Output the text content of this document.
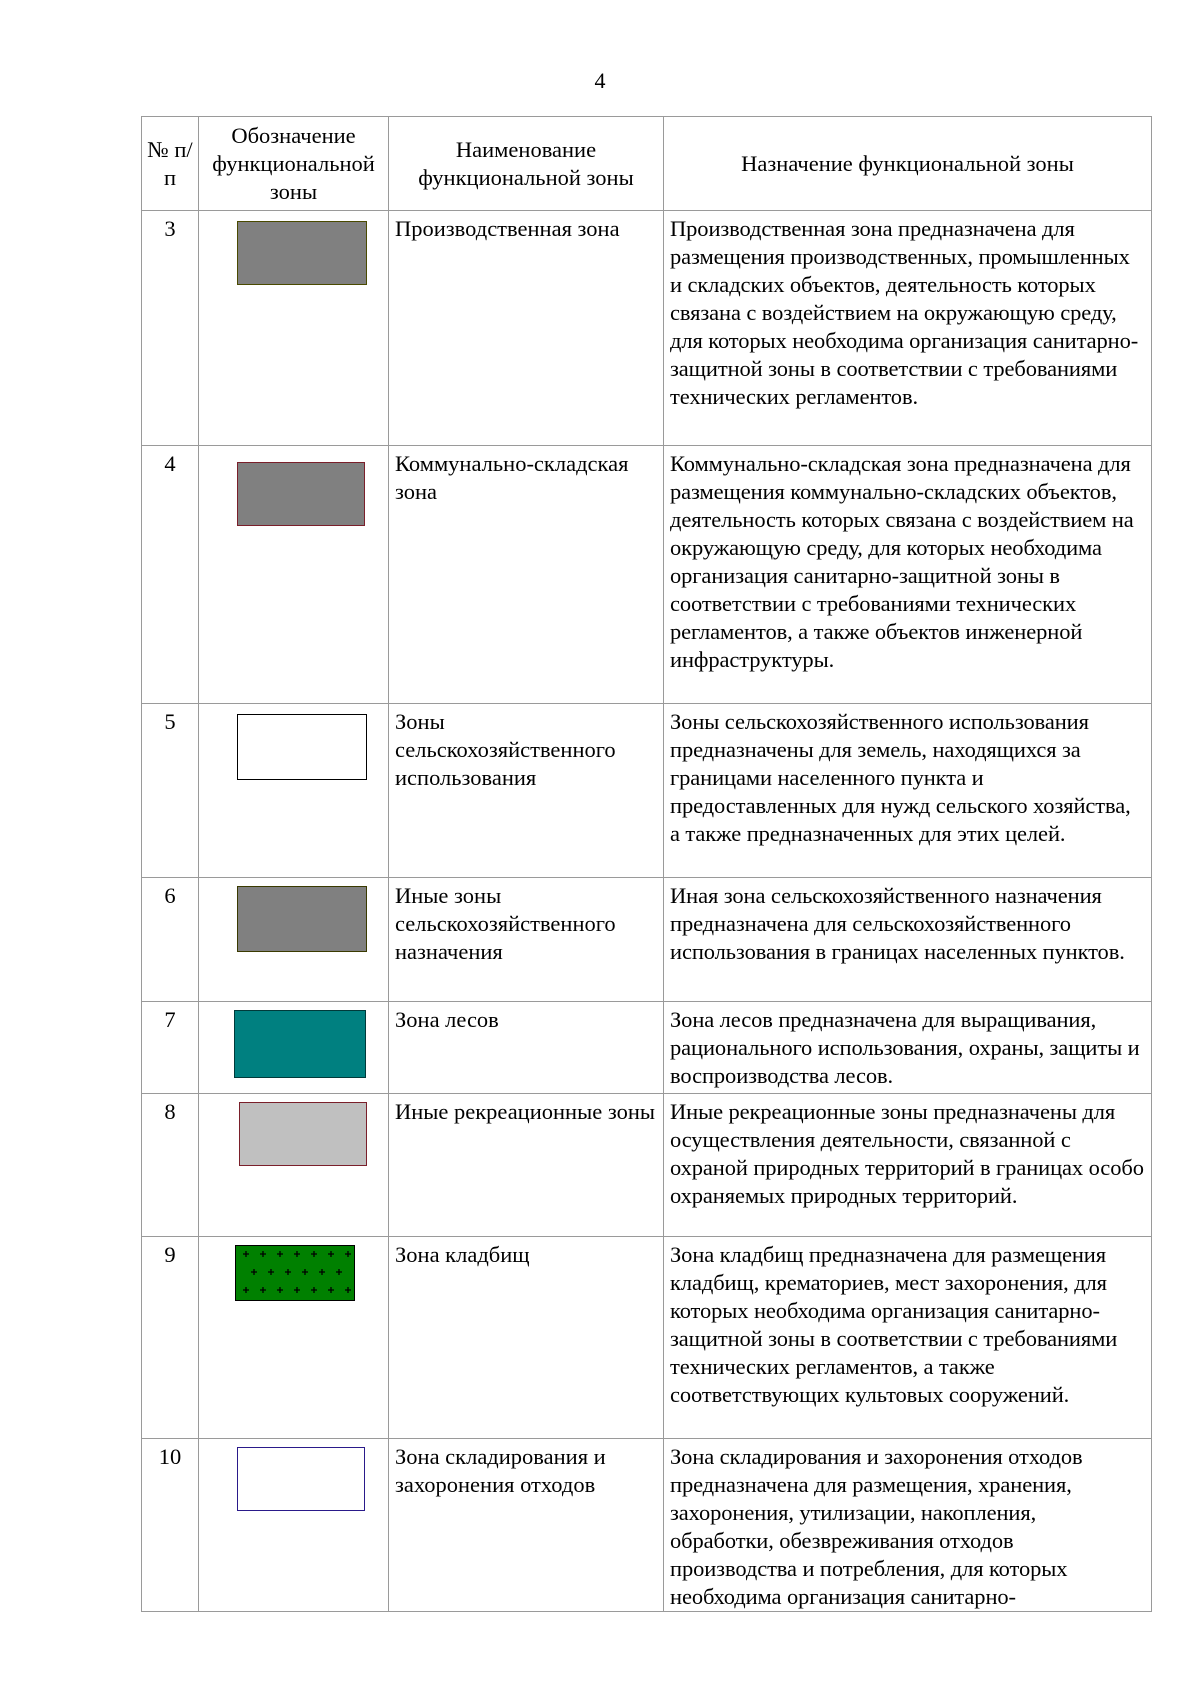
4
№ п/п	Обозначение функциональной зоны	Наименование функциональной зоны	Назначение функциональной зоны
3		Производственная зона	Производственная зона предназначена для размещения производственных, промышленных и складских объектов, деятельность которых связана с воздействием на окружающую среду, для которых необходима организация санитарно-защитной зоны в соответствии с требованиями технических регламентов.
4		Коммунально-складская зона	Коммунально-складская зона предназначена для размещения коммунально-складских объектов, деятельность которых связана с воздействием на окружающую среду, для которых необходима организация санитарно-защитной зоны в соответствии с требованиями технических регламентов, а также объектов инженерной инфраструктуры.
5		Зоны сельскохозяйственного использования	Зоны сельскохозяйственного использования предназначены для земель, находящихся за границами населенного пункта и предоставленных для нужд сельского хозяйства, а также предназначенных для этих целей.
6		Иные зоны сельскохозяйственного назначения	Иная зона сельскохозяйственного назначения предназначена для сельскохозяйственного использования в границах населенных пунктов.
7		Зона лесов	Зона лесов предназначена для выращивания, рационального использования, охраны, защиты и воспроизводства лесов.
8		Иные рекреационные зоны	Иные рекреационные зоны предназначены для осуществления деятельности, связанной с охраной природных территорий в границах особо охраняемых природных территорий.
9		Зона кладбищ	Зона кладбищ предназначена для размещения кладбищ, крематориев, мест захоронения, для которых необходима организация санитарно-защитной зоны в соответствии с требованиями технических регламентов, а также соответствующих культовых сооружений.
10		Зона складирования и захоронения отходов	Зона складирования и захоронения отходов предназначена для размещения, хранения, захоронения, утилизации, накопления, обработки, обезвреживания отходов производства и потребления, для которых необходима организация санитарно-
